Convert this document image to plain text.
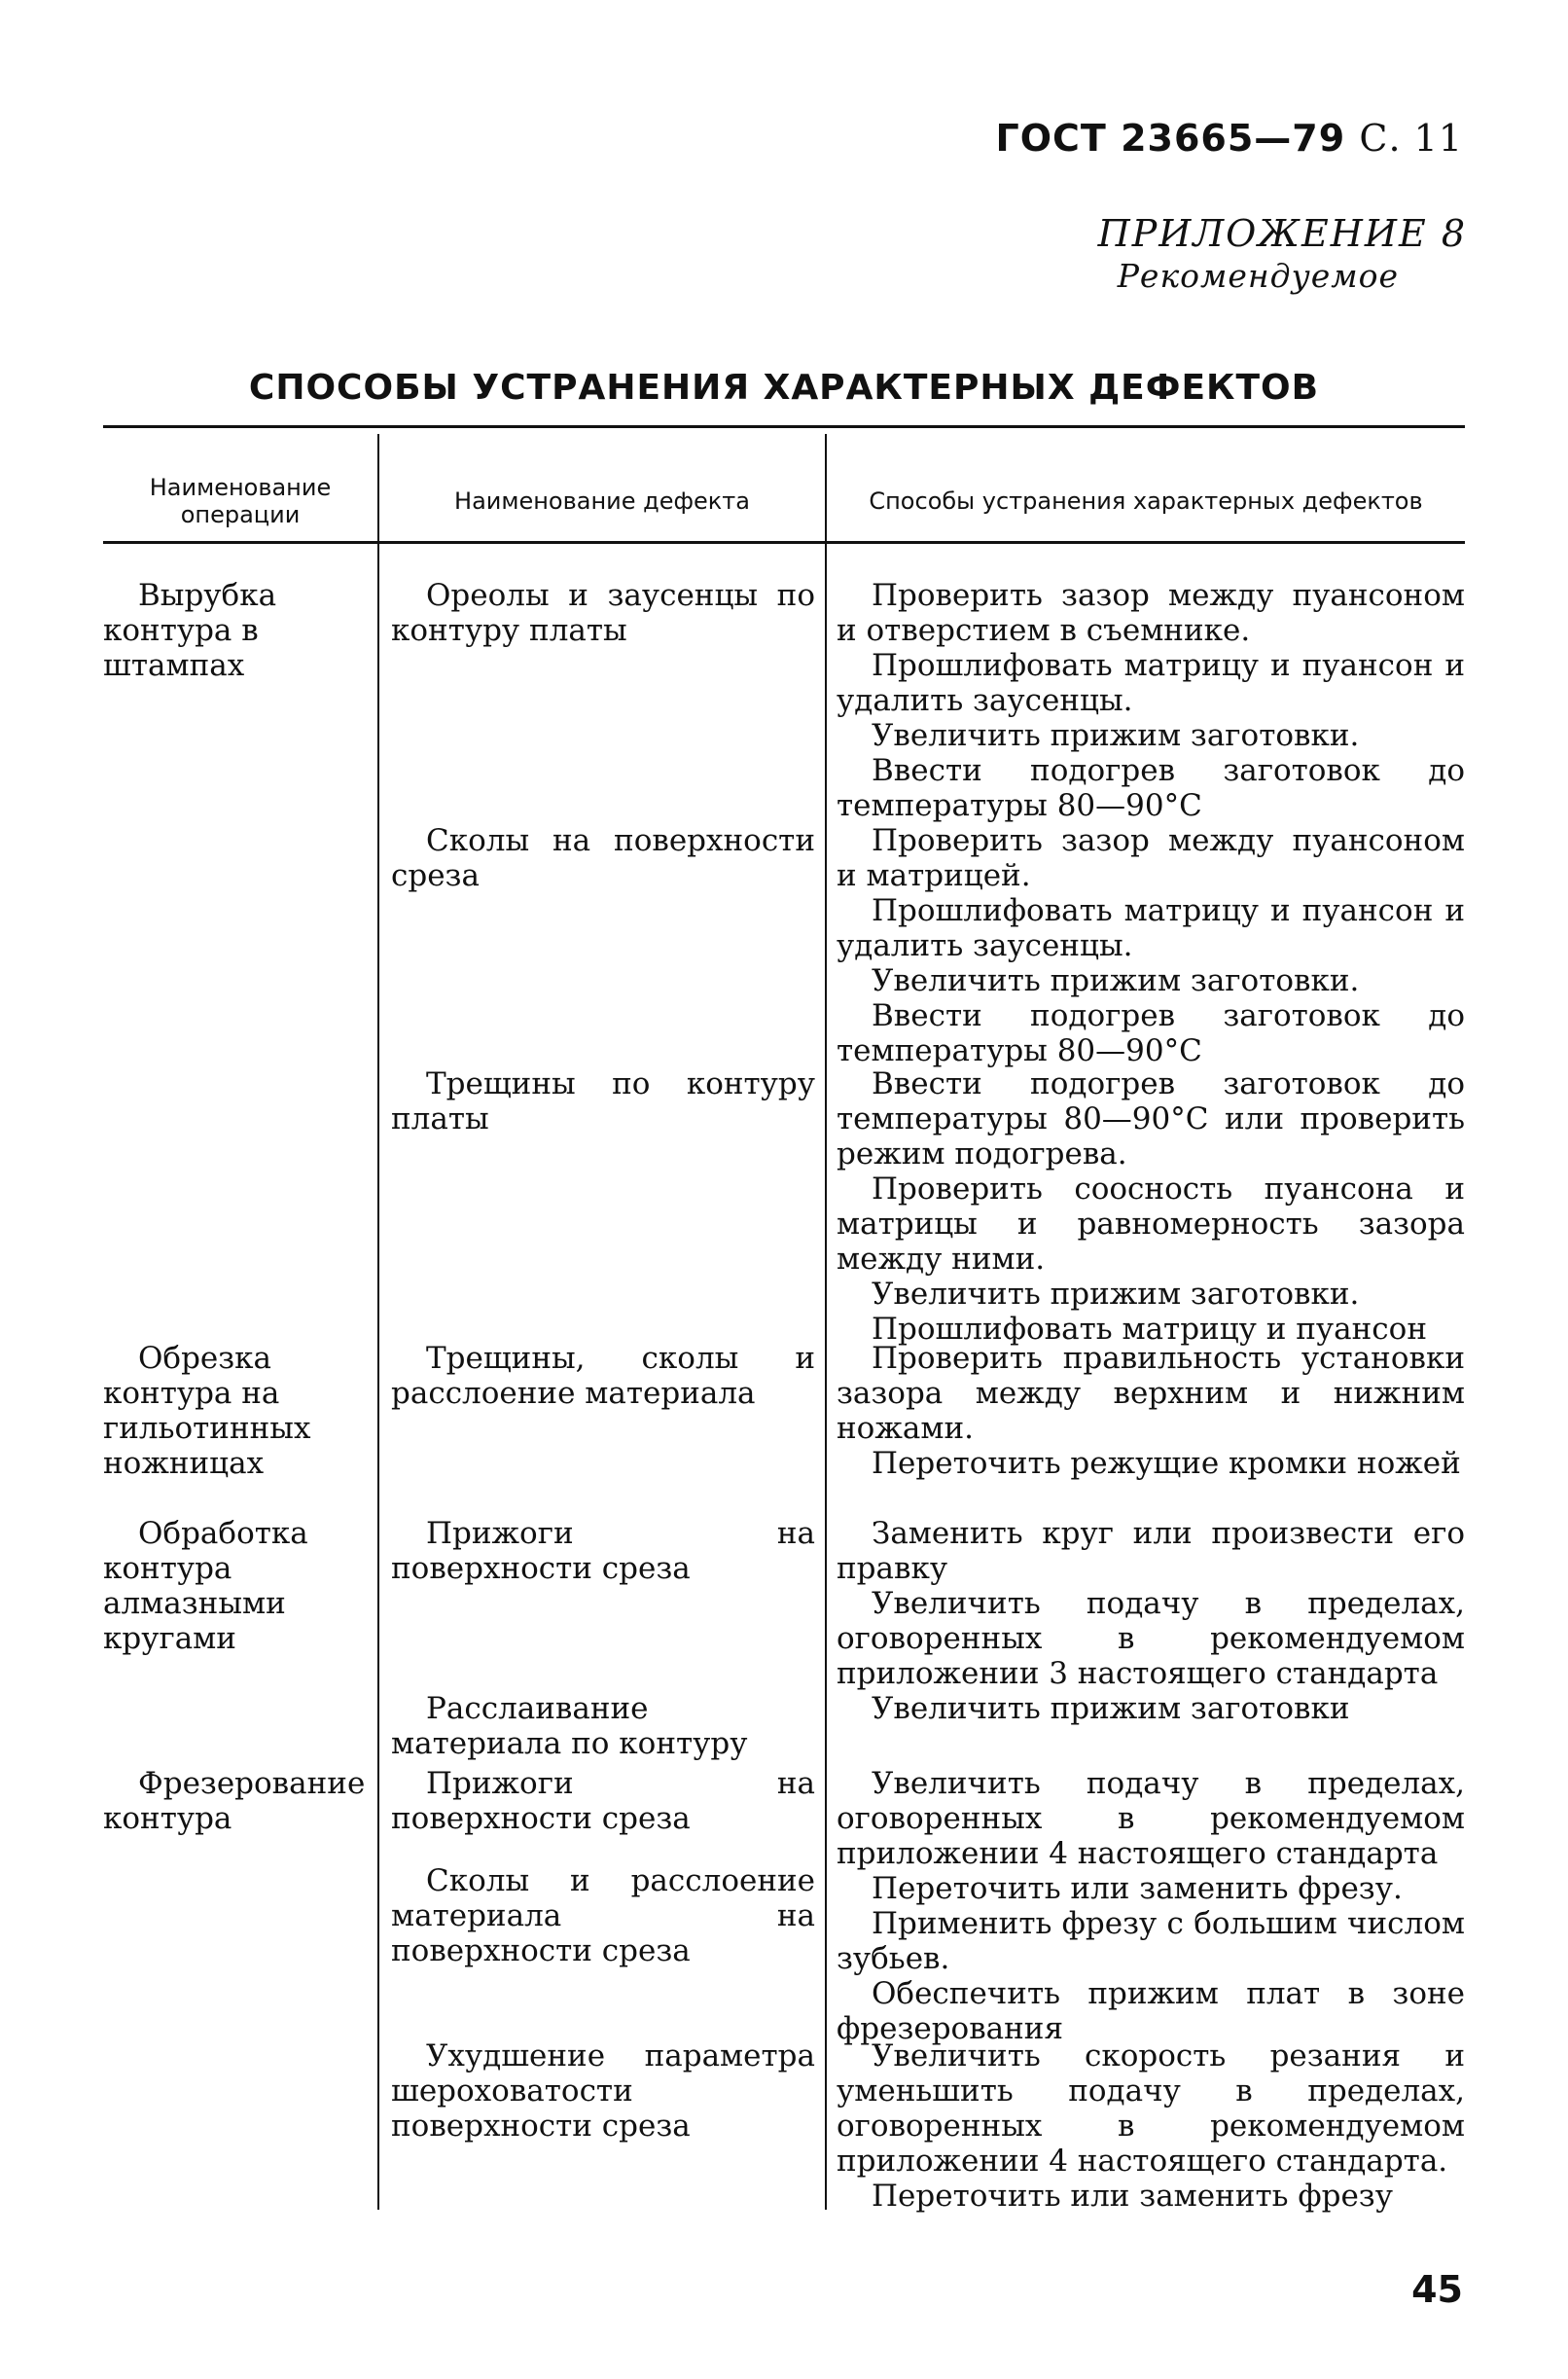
ГОСТ 23665—79 С. 11
ПРИЛОЖЕНИЕ 8
Рекомендуемое
СПОСОБЫ УСТРАНЕНИЯ ХАРАКТЕРНЫХ ДЕФЕКТОВ
Наименование операции	Наименование дефекта	Способы устранения характерных дефектов
Вырубка контура в штампах
Обрезка контура на гильотинных ножницах
Обработка контура алмазными кругами
Фрезерование контура
Ореолы и заусенцы по контуру платы
Сколы на поверхности среза
Трещины по контуру платы
Трещины, сколы и расслоение материала
Прижоги на поверхности среза
Расслаивание материала по контуру
Прижоги на поверхности среза
Сколы и расслоение материала на поверхности среза
Ухудшение параметра шероховатости поверхности среза

Проверить зазор между пуансоном и отверстием в съемнике.

Прошлифовать матрицу и пуансон и удалить заусенцы.

Увеличить прижим заготовки.

Ввести подогрев заготовок до температуры 80—90°С

Проверить зазор между пуансоном и матрицей.

Прошлифовать матрицу и пуансон и удалить заусенцы.

Увеличить прижим заготовки.

Ввести подогрев заготовок до температуры 80—90°С

Ввести подогрев заготовок до температуры 80—90°С или проверить режим подогрева.

Проверить соосность пуансона и матрицы и равномерность зазора между ними.

Увеличить прижим заготовки.

Прошлифовать матрицу и пуансон

Проверить правильность установки зазора между верхним и нижним ножами.

Переточить режущие кромки ножей

Заменить круг или произвести его правку

Увеличить подачу в пределах, оговоренных в рекомендуемом приложении 3 настоящего стандарта

Увеличить прижим заготовки

Увеличить подачу в пределах, оговоренных в рекомендуемом приложении 4 настоящего стандарта

Переточить или заменить фрезу.

Применить фрезу с большим числом зубьев.

Обеспечить прижим плат в зоне фрезерования

Увеличить скорость резания и уменьшить подачу в пределах, оговоренных в рекомендуемом приложении 4 настоящего стандарта.

Переточить или заменить фрезу

45
